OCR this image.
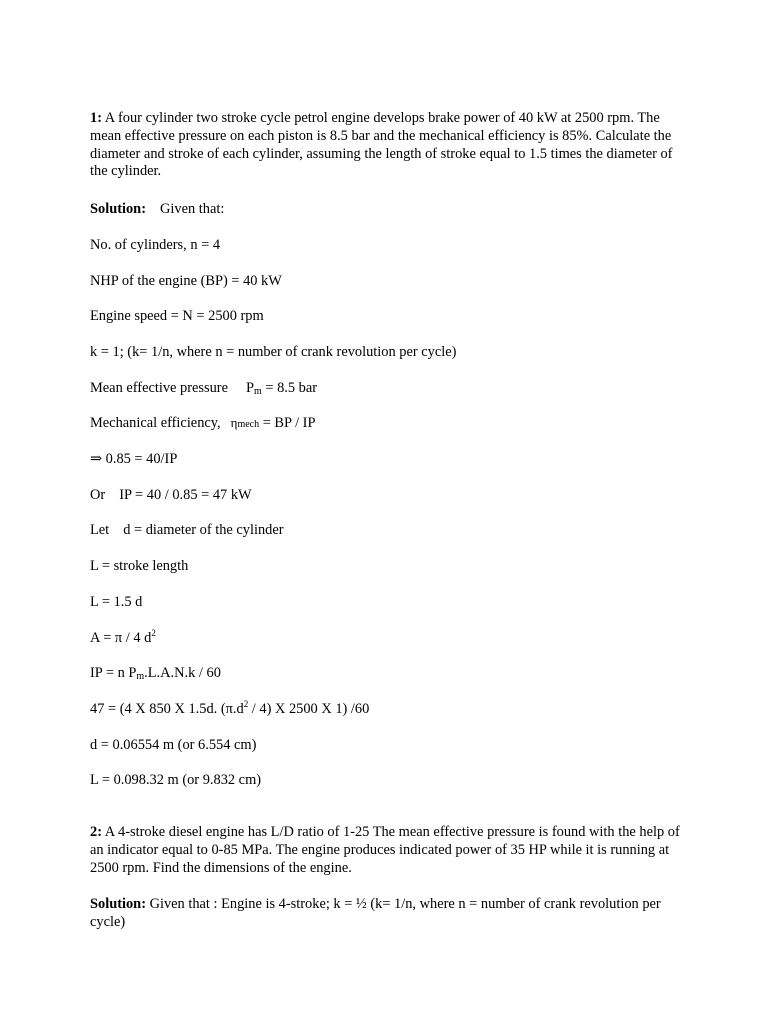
1: A four cylinder two stroke cycle petrol engine develops brake power of 40 kW at 2500 rpm. The mean effective pressure on each piston is 8.5 bar and the mechanical efficiency is 85%. Calculate the diameter and stroke of each cylinder, assuming the length of stroke equal to 1.5 times the diameter of the cylinder.

Solution: Given that:

No. of cylinders, n = 4

NHP of the engine (BP) = 40 kW

Engine speed = N = 2500 rpm

k = 1; (k= 1/n, where n = number of crank revolution per cycle)

Mean effective pressure $P_m = 8.5$ bar

Mechanical efficiency, ηmech = BP / IP

⇒ 0.85 = 40/IP

Or IP = 40 / 0.85 = 47 kW

Let d = diameter of the cylinder

L = stroke length

L = 1.5 d

A = π / 4 $d^2$

IP = n $P_m.L.A.N.k / 60$

47 = (4 X 850 X 1.5d. $(\pi.d^2 / 4)$ X 2500 X 1) /60

d = 0.06554 m (or 6.554 cm)

L = 0.098.32 m (or 9.832 cm)

2: A 4-stroke diesel engine has L/D ratio of 1-25 The mean effective pressure is found with the help of an indicator equal to 0-85 MPa. The engine produces indicated power of 35 HP while it is running at 2500 rpm. Find the dimensions of the engine.

Solution: Given that : Engine is 4-stroke; k = ½ (k= 1/n, where n = number of crank revolution per cycle)
